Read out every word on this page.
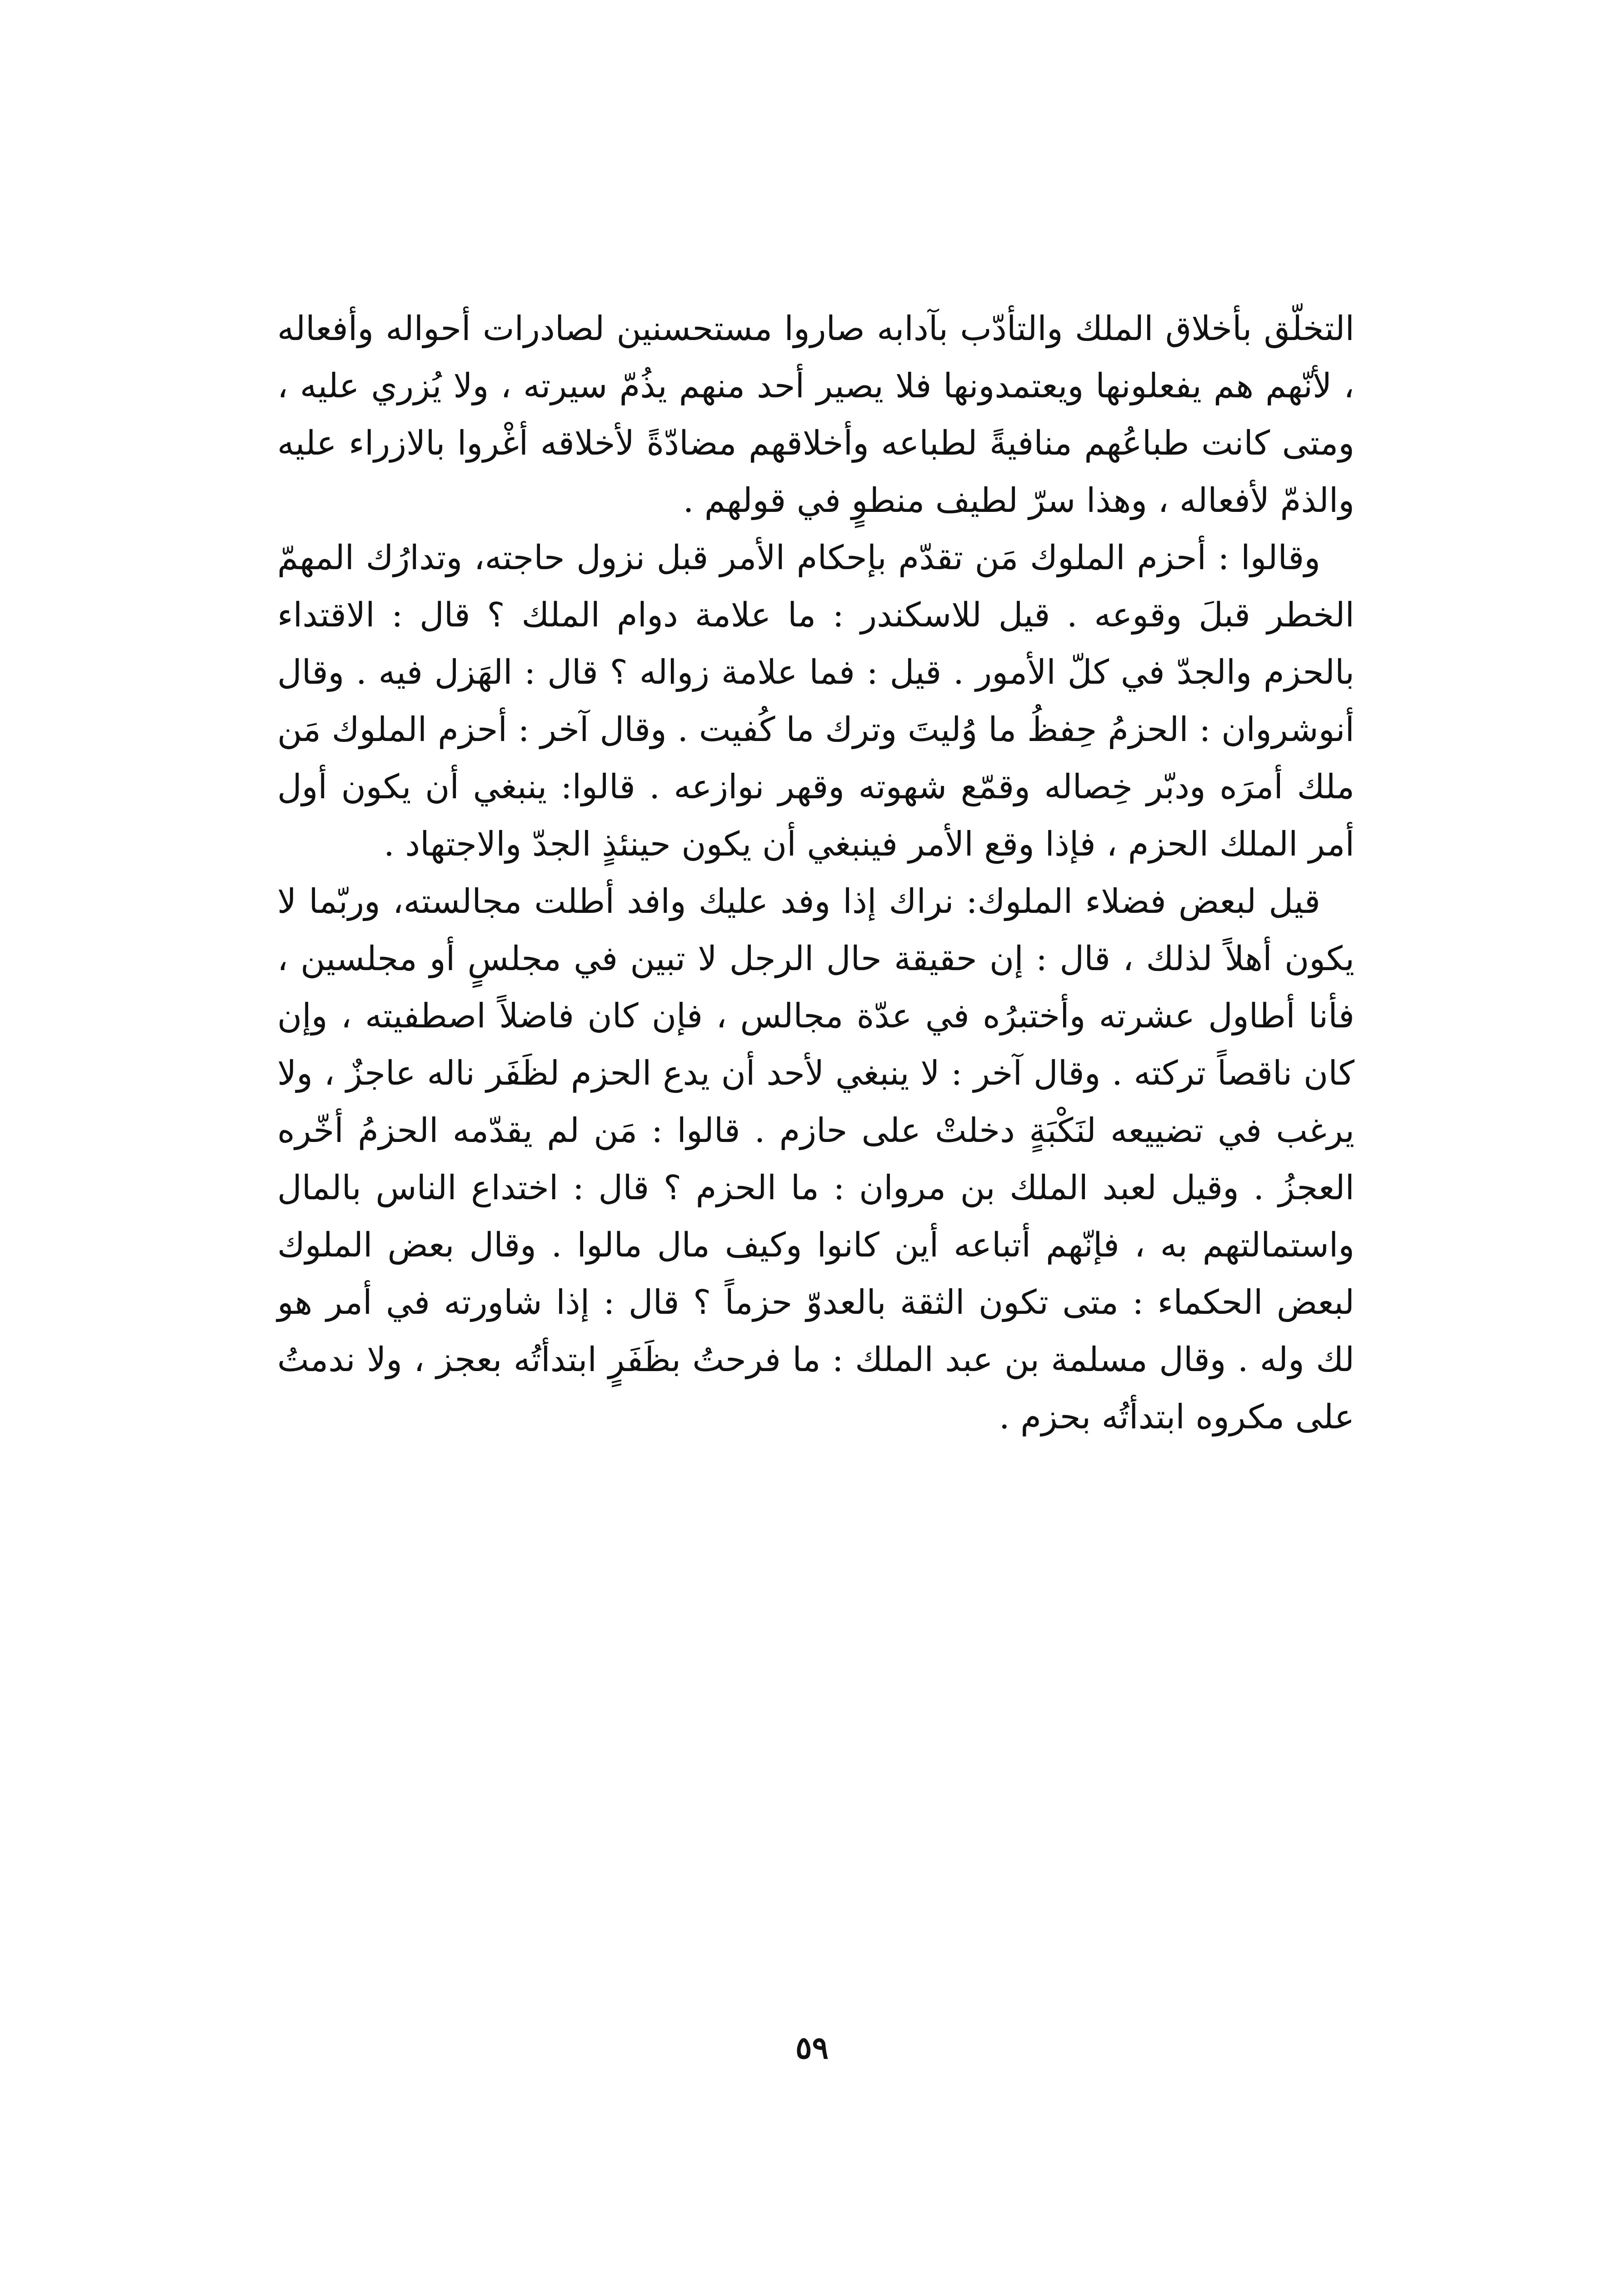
التخلّق بأخلاق الملك والتأدّب بآدابه صاروا مستحسنين لصادرات أحواله وأفعاله ، لأنّهم هم يفعلونها ويعتمدونها فلا يصير أحد منهم يذُمّ سيرته ، ولا يُزري عليه ، ومتى كانت طباعُهم منافيةً لطباعه وأخلاقهم مضادّةً لأخلاقه أغْروا بالازراء عليه والذمّ لأفعاله ، وهذا سرّ لطيف منطوٍ في قولهم .

وقالوا : أحزم الملوك مَن تقدّم بإحكام الأمر قبل نزول حاجته، وتدارُك المهمّ الخطر قبلَ وقوعه . قيل للاسكندر : ما علامة دوام الملك ؟ قال : الاقتداء بالحزم والجدّ في كلّ الأمور . قيل : فما علامة زواله ؟ قال : الهَزل فيه . وقال أنوشروان : الحزمُ حِفظُ ما وُليتَ وترك ما كُفيت . وقال آخر : أحزم الملوك مَن ملك أمرَه ودبّر خِصاله وقمّع شهوته وقهر نوازعه . قالوا: ينبغي أن يكون أول أمر الملك الحزم ، فإذا وقع الأمر فينبغي أن يكون حينئذٍ الجدّ والاجتهاد .

قيل لبعض فضلاء الملوك: نراك إذا وفد عليك وافد أطلت مجالسته، وربّما لا يكون أهلاً لذلك ، قال : إن حقيقة حال الرجل لا تبين في مجلسٍ أو مجلسين ، فأنا أطاول عشرته وأختبرُه في عدّة مجالس ، فإن كان فاضلاً اصطفيته ، وإن كان ناقصاً تركته . وقال آخر : لا ينبغي لأحد أن يدع الحزم لظَفَر ناله عاجزٌ ، ولا يرغب في تضييعه لنَكْبَةٍ دخلتْ على حازم . قالوا : مَن لم يقدّمه الحزمُ أخّره العجزُ . وقيل لعبد الملك بن مروان : ما الحزم ؟ قال : اختداع الناس بالمال واستمالتهم به ، فإنّهم أتباعه أين كانوا وكيف مال مالوا . وقال بعض الملوك لبعض الحكماء : متى تكون الثقة بالعدوّ حزماً ؟ قال : إذا شاورته في أمر هو لك وله . وقال مسلمة بن عبد الملك : ما فرحتُ بظَفَرٍ ابتدأتُه بعجز ، ولا ندمتُ على مكروه ابتدأتُه بحزم .

٥٩
